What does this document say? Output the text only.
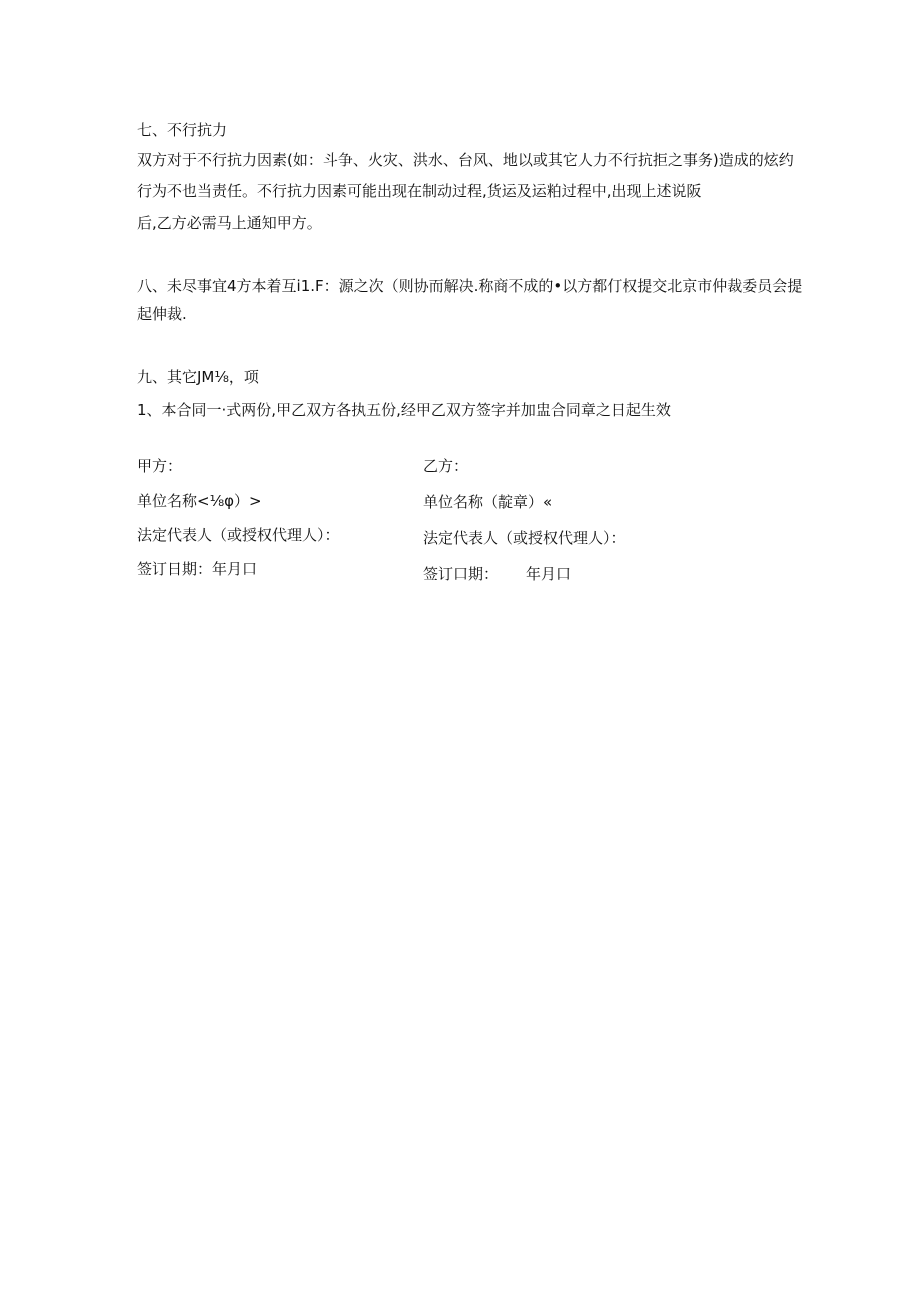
七、不行抗力
双方对于不行抗力因素(如：斗争、火灾、洪水、台风、地以或其它人力不行抗拒之事务)造成的炫约
行为不也当责任。不行抗力因素可能出现在制动过程,货运及运粕过程中,出现上述说阪
后,乙方必需马上通知甲方。
八、未尽事宜4方本着互i1.F：源之次（则协而解决.称商不成的•以方都仃权提交北京市仲裁委员会提
起伸裁.
九、其它JM⅛，项
1、本合同一·式两份,甲乙双方各执五份,经甲乙双方签字并加盅合同章之日起生效
甲方：	乙方：
单位名称<⅛φ）>	单位名称（靛章）«
法定代表人（或授权代理人）：	法定代表人（或授权代理人）：
签订日期：年月口	签订口期： 年月口
